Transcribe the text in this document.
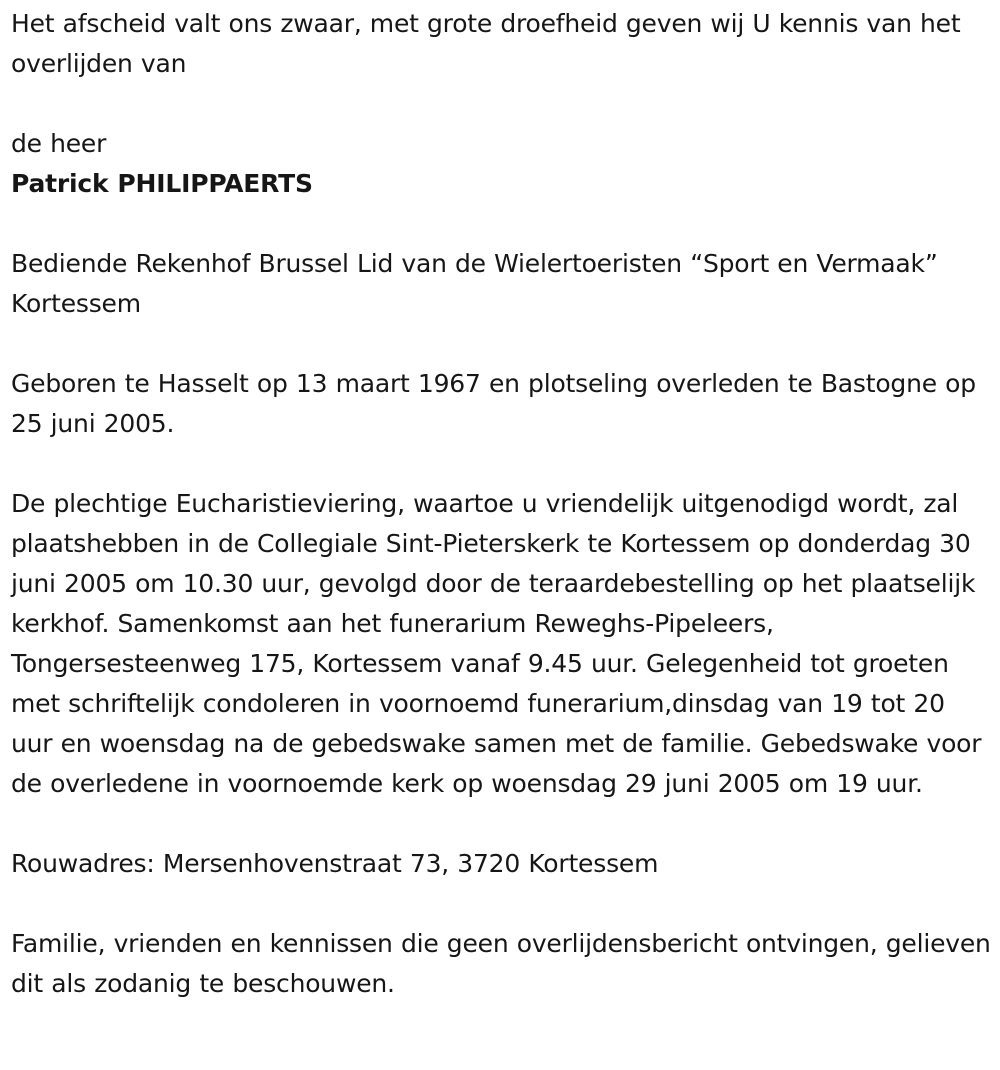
Het afscheid valt ons zwaar, met grote droefheid geven wij U kennis van het overlijden van

de heer

Patrick PHILIPPAERTS

Bediende Rekenhof Brussel Lid van de Wielertoeristen “Sport en Vermaak” Kortessem

Geboren te Hasselt op 13 maart 1967 en plotseling overleden te Bastogne op 25 juni 2005.

De plechtige Eucharistieviering, waartoe u vriendelijk uitgenodigd wordt, zal plaatshebben in de Collegiale Sint-Pieterskerk te Kortessem op donderdag 30 juni 2005 om 10.30 uur, gevolgd door de teraardebestelling op het plaatselijk kerkhof. Samenkomst aan het funerarium Reweghs-Pipeleers, Tongersesteenweg 175, Kortessem vanaf 9.45 uur. Gelegenheid tot groeten met schriftelijk condoleren in voornoemd funerarium,dinsdag van 19 tot 20 uur en woensdag na de gebedswake samen met de familie. Gebedswake voor de overledene in voornoemde kerk op woensdag 29 juni 2005 om 19 uur.

Rouwadres: Mersenhovenstraat 73, 3720 Kortessem

Familie, vrienden en kennissen die geen overlijdensbericht ontvingen, gelieven dit als zodanig te beschouwen.
